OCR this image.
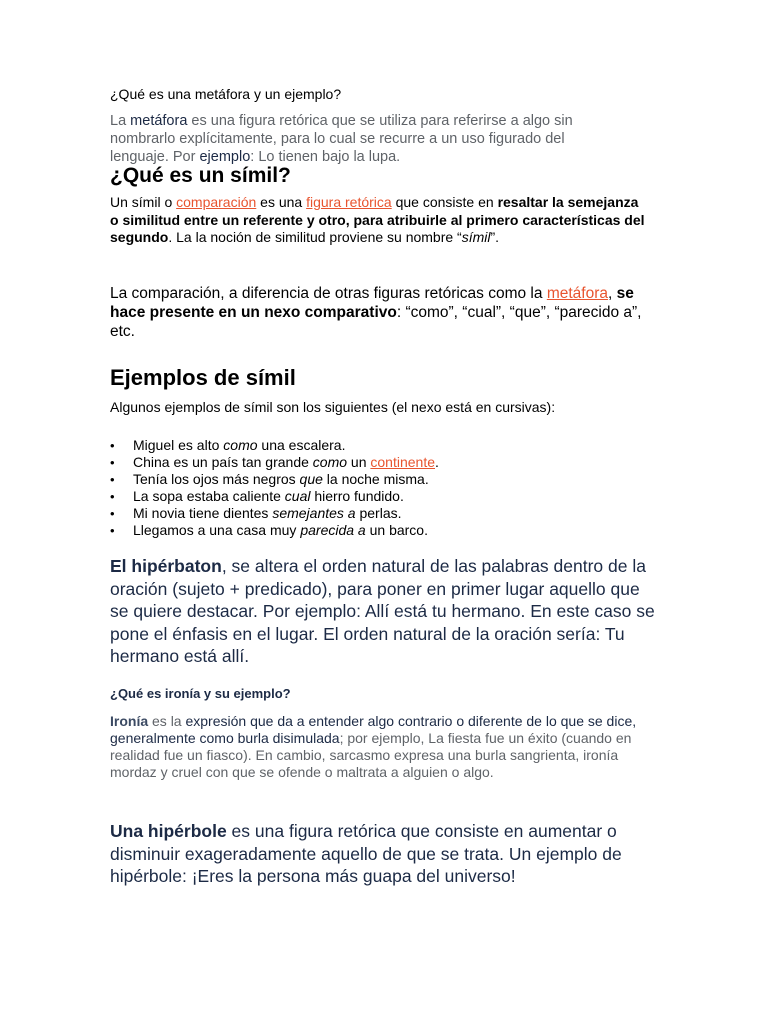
¿Qué es una metáfora y un ejemplo?

La metáfora es una figura retórica que se utiliza para referirse a algo sin nombrarlo explícitamente, para lo cual se recurre a un uso figurado del lenguaje. Por ejemplo: Lo tienen bajo la lupa.

¿Qué es un símil?

Un símil o comparación es una figura retórica que consiste en resaltar la semejanza o similitud entre un referente y otro, para atribuirle al primero características del segundo. La la noción de similitud proviene su nombre “símil”.

La comparación, a diferencia de otras figuras retóricas como la metáfora, se hace presente en un nexo comparativo: “como”, “cual”, “que”, “parecido a”, etc.

Ejemplos de símil

Algunos ejemplos de símil son los siguientes (el nexo está en cursivas):

• Miguel es alto como una escalera.
• China es un país tan grande como un continente.
• Tenía los ojos más negros que la noche misma.
• La sopa estaba caliente cual hierro fundido.
• Mi novia tiene dientes semejantes a perlas.
• Llegamos a una casa muy parecida a un barco.

El hipérbaton, se altera el orden natural de las palabras dentro de la oración (sujeto + predicado), para poner en primer lugar aquello que se quiere destacar. Por ejemplo: Allí está tu hermano. En este caso se pone el énfasis en el lugar. El orden natural de la oración sería: Tu hermano está allí.

¿Qué es ironía y su ejemplo?

Ironía es la expresión que da a entender algo contrario o diferente de lo que se dice, generalmente como burla disimulada; por ejemplo, La fiesta fue un éxito (cuando en realidad fue un fiasco). En cambio, sarcasmo expresa una burla sangrienta, ironía mordaz y cruel con que se ofende o maltrata a alguien o algo.

Una hipérbole es una figura retórica que consiste en aumentar o disminuir exageradamente aquello de que se trata. Un ejemplo de hipérbole: ¡Eres la persona más guapa del universo!
